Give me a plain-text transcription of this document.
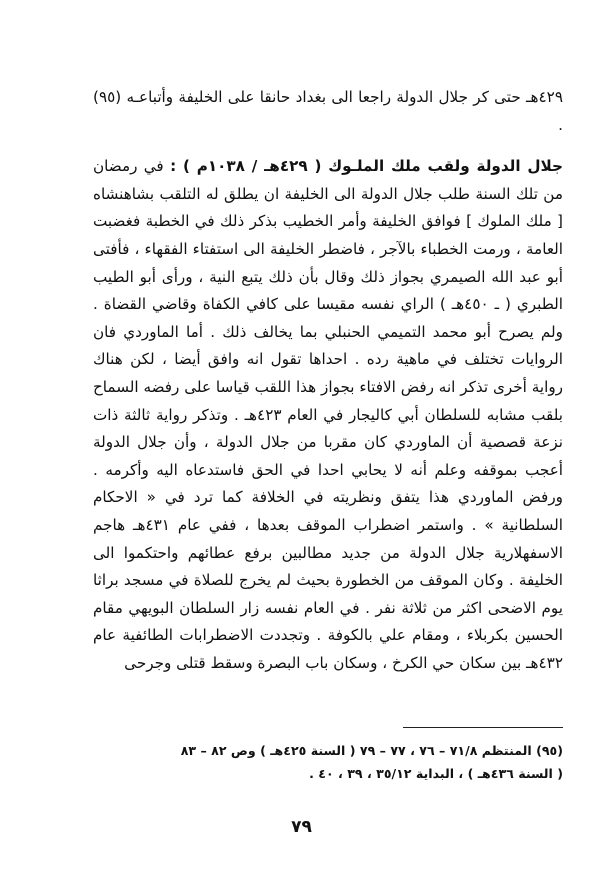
٤٢٩هـ حتى كر جلال الدولة راجعا الى بغداد حانقا على الخليفة وأتباعـه (٩٥) .

جلال الدولة ولقب ملك الملـوك ( ٤٢٩هـ / ١٠٣٨م ) : في رمضان من تلك السنة طلب جلال الدولة الى الخليفة ان يطلق له التلقب بشاهنشاه [ ملك الملوك ] فوافق الخليفة وأمر الخطيب بذكر ذلك في الخطبة فغضبت العامة ، ورمت الخطباء بالآجر ، فاضطر الخليفة الى استفتاء الفقهاء ، فأفتى أبو عبد الله الصيمري بجواز ذلك وقال بأن ذلك يتبع النية ، ورأى أبو الطيب الطبري ( ـ ٤٥٠هـ ) الراي نفسه مقيسا على كافي الكفاة وقاضي القضاة . ولم يصرح أبو محمد التميمي الحنبلي بما يخالف ذلك . أما الماوردي فان الروايات تختلف في ماهية رده . احداها تقول انه وافق أيضا ، لكن هناك رواية أخرى تذكر انه رفض الافتاء بجواز هذا اللقب قياسا على رفضه السماح بلقب مشابه للسلطان أبي كاليجار في العام ٤٢٣هـ . وتذكر رواية ثالثة ذات نزعة قصصية أن الماوردي كان مقربا من جلال الدولة ، وأن جلال الدولة أعجب بموقفه وعلم أنه لا يحابي احدا في الحق فاستدعاه اليه وأكرمه . ورفض الماوردي هذا يتفق ونظريته في الخلافة كما ترد في « الاحكام السلطانية » . واستمر اضطراب الموقف بعدها ، ففي عام ٤٣١هـ هاجم الاسفهلارية جلال الدولة من جديد مطالبين برفع عطائهم واحتكموا الى الخليفة . وكان الموقف من الخطورة بحيث لم يخرج للصلاة في مسجد براثا يوم الاضحى اكثر من ثلاثة نفر . في العام نفسه زار السلطان البويهي مقام الحسين بكربلاء ، ومقام علي بالكوفة . وتجددت الاضطرابات الطائفية عام ٤٣٢هـ بين سكان حي الكرخ ، وسكان باب البصرة وسقط قتلى وجرحى

(٩٥) المنتظم ٧١/٨ – ٧٦ ، ٧٧ – ٧٩ ( السنة ٤٢٥هـ ) وص ٨٢ – ٨٣

( السنة ٤٣٦هـ ) ، البداية ٣٥/١٢ ، ٣٩ ، ٤٠ .

٧٩
